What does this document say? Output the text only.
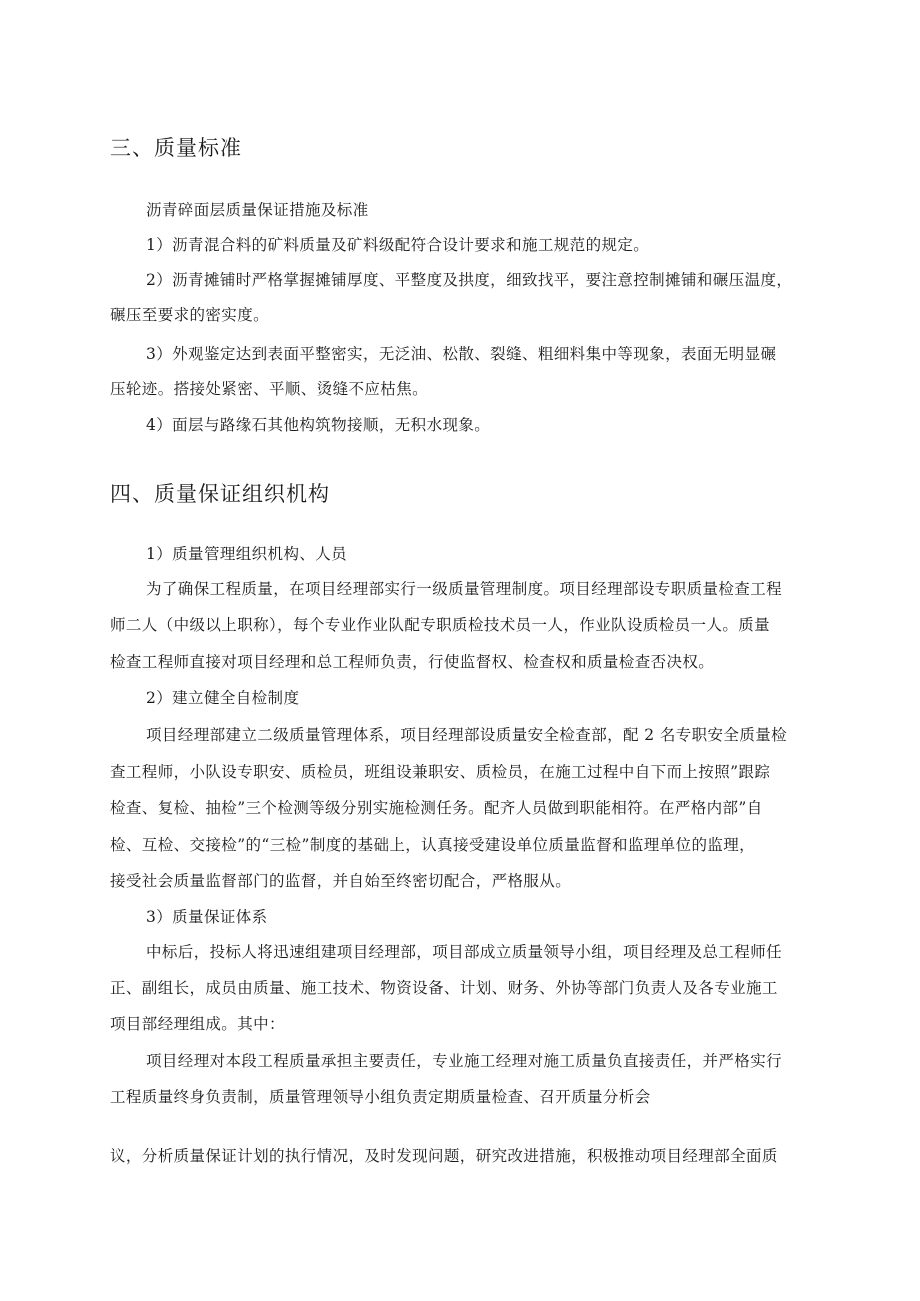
三、质量标准
沥青碎面层质量保证措施及标准
1）沥青混合料的矿料质量及矿料级配符合设计要求和施工规范的规定。
2）沥青摊铺时严格掌握摊铺厚度、平整度及拱度，细致找平，要注意控制摊铺和碾压温度，
碾压至要求的密实度。
3）外观鉴定达到表面平整密实，无泛油、松散、裂缝、粗细料集中等现象，表面无明显碾
压轮迹。搭接处紧密、平顺、烫缝不应枯焦。
4）面层与路缘石其他构筑物接顺，无积水现象。
四、质量保证组织机构
1）质量管理组织机构、人员
为了确保工程质量，在项目经理部实行一级质量管理制度。项目经理部设专职质量检查工程
师二人（中级以上职称），每个专业作业队配专职质检技术员一人，作业队设质检员一人。质量
检查工程师直接对项目经理和总工程师负责，行使监督权、检查权和质量检查否决权。
2）建立健全自检制度
项目经理部建立二级质量管理体系，项目经理部设质量安全检查部，配 2 名专职安全质量检
查工程师，小队设专职安、质检员，班组设兼职安、质检员，在施工过程中自下而上按照”跟踪
检查、复检、抽检”三个检测等级分别实施检测任务。配齐人员做到职能相符。在严格内部”自
检、互检、交接检”的“三检”制度的基础上，认真接受建设单位质量监督和监理单位的监理，
接受社会质量监督部门的监督，并自始至终密切配合，严格服从。
3）质量保证体系
中标后，投标人将迅速组建项目经理部，项目部成立质量领导小组，项目经理及总工程师任
正、副组长，成员由质量、施工技术、物资设备、计划、财务、外协等部门负责人及各专业施工
项目部经理组成。其中：
项目经理对本段工程质量承担主要责任，专业施工经理对施工质量负直接责任，并严格实行
工程质量终身负责制，质量管理领导小组负责定期质量检查、召开质量分析会
议，分析质量保证计划的执行情况，及时发现问题，研究改进措施，积极推动项目经理部全面质
